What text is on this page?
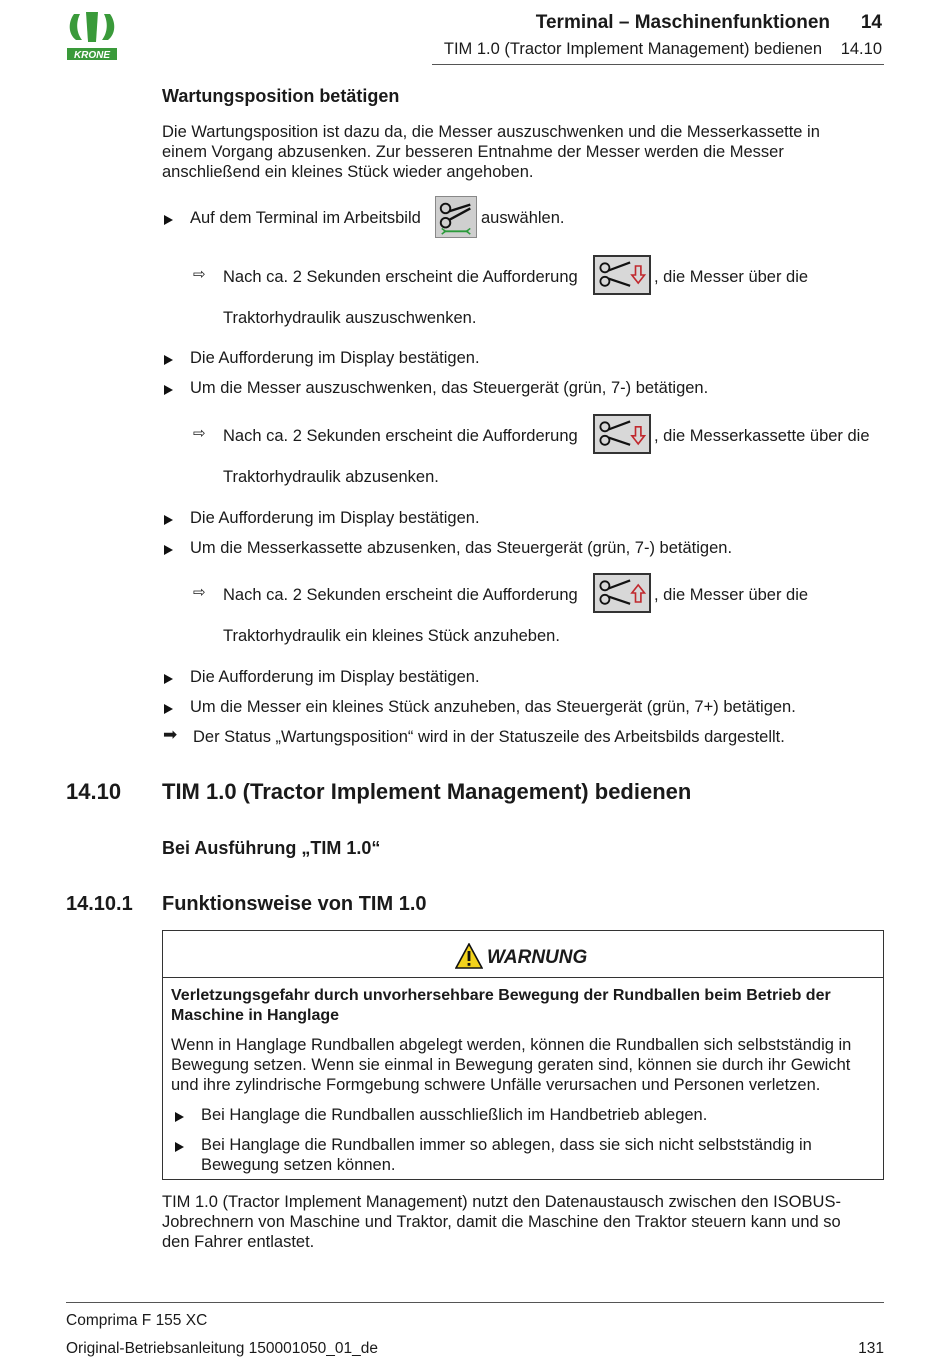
KRONE
Terminal – Maschinenfunktionen 14
TIM 1.0 (Tractor Implement Management) bedienen 14.10
Wartungsposition betätigen
Die Wartungsposition ist dazu da, die Messer auszuschwenken und die Messerkassette in
einem Vorgang abzusenken. Zur besseren Entnahme der Messer werden die Messer
anschließend ein kleines Stück wieder angehoben.
Auf dem Terminal im Arbeitsbild	auswählen.
⇨ Nach ca. 2 Sekunden erscheint die Aufforderung	, die Messer über die
Traktorhydraulik auszuschwenken.
Die Aufforderung im Display bestätigen.
Um die Messer auszuschwenken, das Steuergerät (grün, 7-) betätigen.
⇨ Nach ca. 2 Sekunden erscheint die Aufforderung	, die Messerkassette über die
Traktorhydraulik abzusenken.
Die Aufforderung im Display bestätigen.
Um die Messerkassette abzusenken, das Steuergerät (grün, 7-) betätigen.
⇨ Nach ca. 2 Sekunden erscheint die Aufforderung	, die Messer über die
Traktorhydraulik ein kleines Stück anzuheben.
Die Aufforderung im Display bestätigen.
Um die Messer ein kleines Stück anzuheben, das Steuergerät (grün, 7+) betätigen.
➡ Der Status „Wartungsposition“ wird in der Statuszeile des Arbeitsbilds dargestellt.
14.10 TIM 1.0 (Tractor Implement Management) bedienen
Bei Ausführung „TIM 1.0“
14.10.1 Funktionsweise von TIM 1.0
WARNUNG
Verletzungsgefahr durch unvorhersehbare Bewegung der Rundballen beim Betrieb der
Maschine in Hanglage
Wenn in Hanglage Rundballen abgelegt werden, können die Rundballen sich selbstständig in
Bewegung setzen. Wenn sie einmal in Bewegung geraten sind, können sie durch ihr Gewicht
und ihre zylindrische Formgebung schwere Unfälle verursachen und Personen verletzen.
Bei Hanglage die Rundballen ausschließlich im Handbetrieb ablegen.
Bei Hanglage die Rundballen immer so ablegen, dass sie sich nicht selbstständig in
Bewegung setzen können.
TIM 1.0 (Tractor Implement Management) nutzt den Datenaustausch zwischen den ISOBUS-
Jobrechnern von Maschine und Traktor, damit die Maschine den Traktor steuern kann und so
den Fahrer entlastet.
Comprima F 155 XC
Original-Betriebsanleitung 150001050_01_de	131
